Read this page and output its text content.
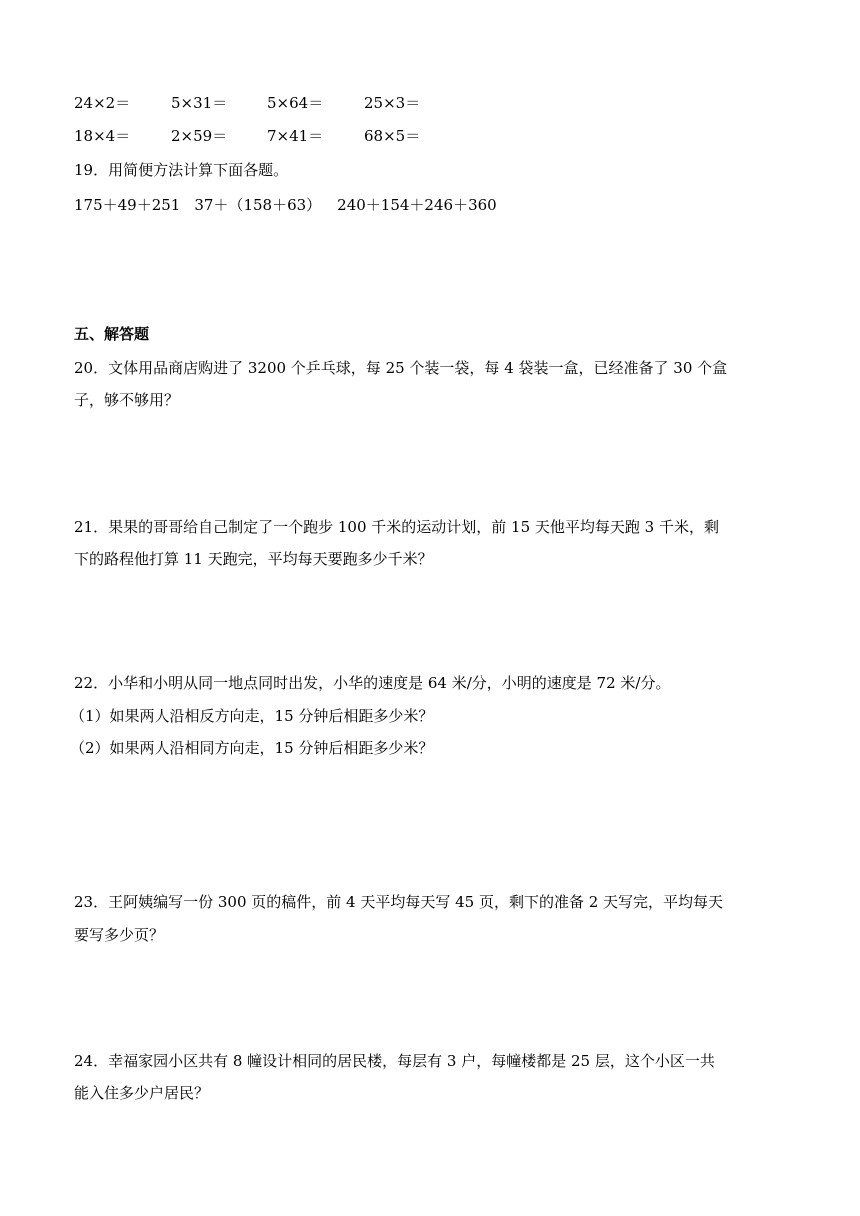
24×2＝	5×31＝	5×64＝	25×3＝
18×4＝	2×59＝	7×41＝	68×5＝
19．用简便方法计算下面各题。
175＋49＋251 37＋（158＋63） 240＋154＋246＋360
五、解答题
20．文体用品商店购进了 3200 个乒乓球，每 25 个装一袋，每 4 袋装一盒，已经准备了 30 个盒
子，够不够用？
21．果果的哥哥给自己制定了一个跑步 100 千米的运动计划，前 15 天他平均每天跑 3 千米，剩
下的路程他打算 11 天跑完，平均每天要跑多少千米？
22．小华和小明从同一地点同时出发，小华的速度是 64 米/分，小明的速度是 72 米/分。
（1）如果两人沿相反方向走，15 分钟后相距多少米？
（2）如果两人沿相同方向走，15 分钟后相距多少米？
23．王阿姨编写一份 300 页的稿件，前 4 天平均每天写 45 页，剩下的准备 2 天写完，平均每天
要写多少页？
24．幸福家园小区共有 8 幢设计相同的居民楼，每层有 3 户，每幢楼都是 25 层，这个小区一共
能入住多少户居民？
